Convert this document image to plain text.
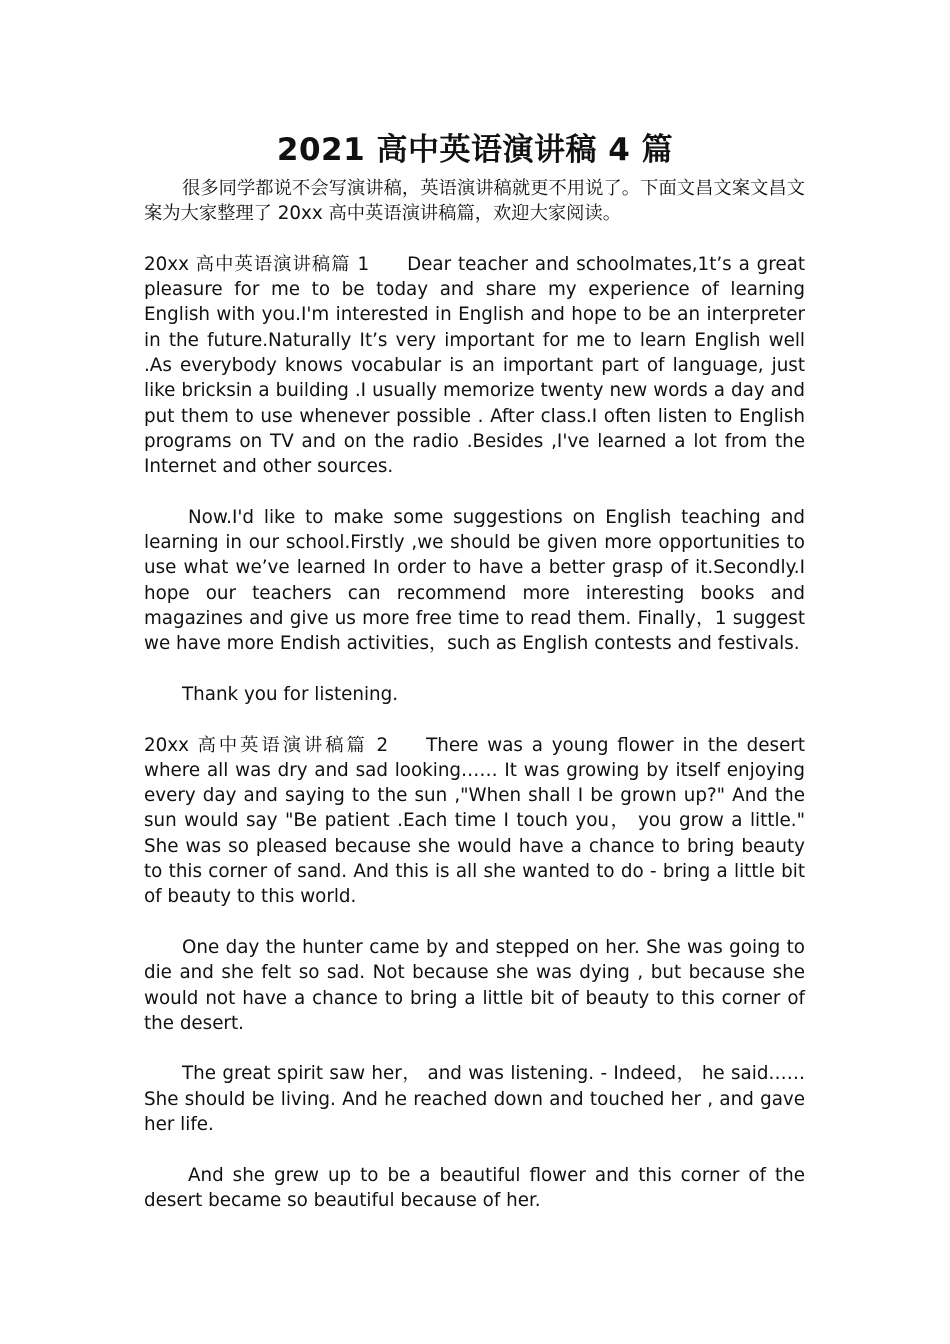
2021 高中英语演讲稿 4 篇

很多同学都说不会写演讲稿，英语演讲稿就更不用说了。下面文昌文案文昌文案为大家整理了 20xx 高中英语演讲稿篇，欢迎大家阅读。

20xx 高中英语演讲稿篇 1 Dear teacher and schoolmates,1t’s a great pleasure for me to be today and share my experience of learning English with you.I'm interested in English and hope to be an interpreter in the future.Naturally It’s very important for me to learn English well .As everybody knows vocabular is an important part of language, just like bricksin a building .I usually memorize twenty new words a day and put them to use whenever possible . After class.I often listen to English programs on TV and on the radio .Besides ,I've learned a lot from the Internet and other sources.

Now.I'd like to make some suggestions on English teaching and learning in our school.Firstly ,we should be given more opportunities to use what we’ve learned In order to have a better grasp of it.Secondly.I hope our teachers can recommend more interesting books and magazines and give us more free time to read them. Finally，1 suggest we have more Endish activities，such as English contests and festivals.

Thank you for listening.

20xx 高中英语演讲稿篇 2 There was a young flower in the desert where all was dry and sad looking…… It was growing by itself enjoying every day and saying to the sun ,"When shall I be grown up?" And the sun would say "Be patient .Each time I touch you， you grow a little." She was so pleased because she would have a chance to bring beauty to this corner of sand. And this is all she wanted to do - bring a little bit of beauty to this world.

One day the hunter came by and stepped on her. She was going to die and she felt so sad. Not because she was dying , but because she would not have a chance to bring a little bit of beauty to this corner of the desert.

The great spirit saw her， and was listening. - Indeed， he said…… She should be living. And he reached down and touched her , and gave her life.

And she grew up to be a beautiful flower and this corner of the desert became so beautiful because of her.
